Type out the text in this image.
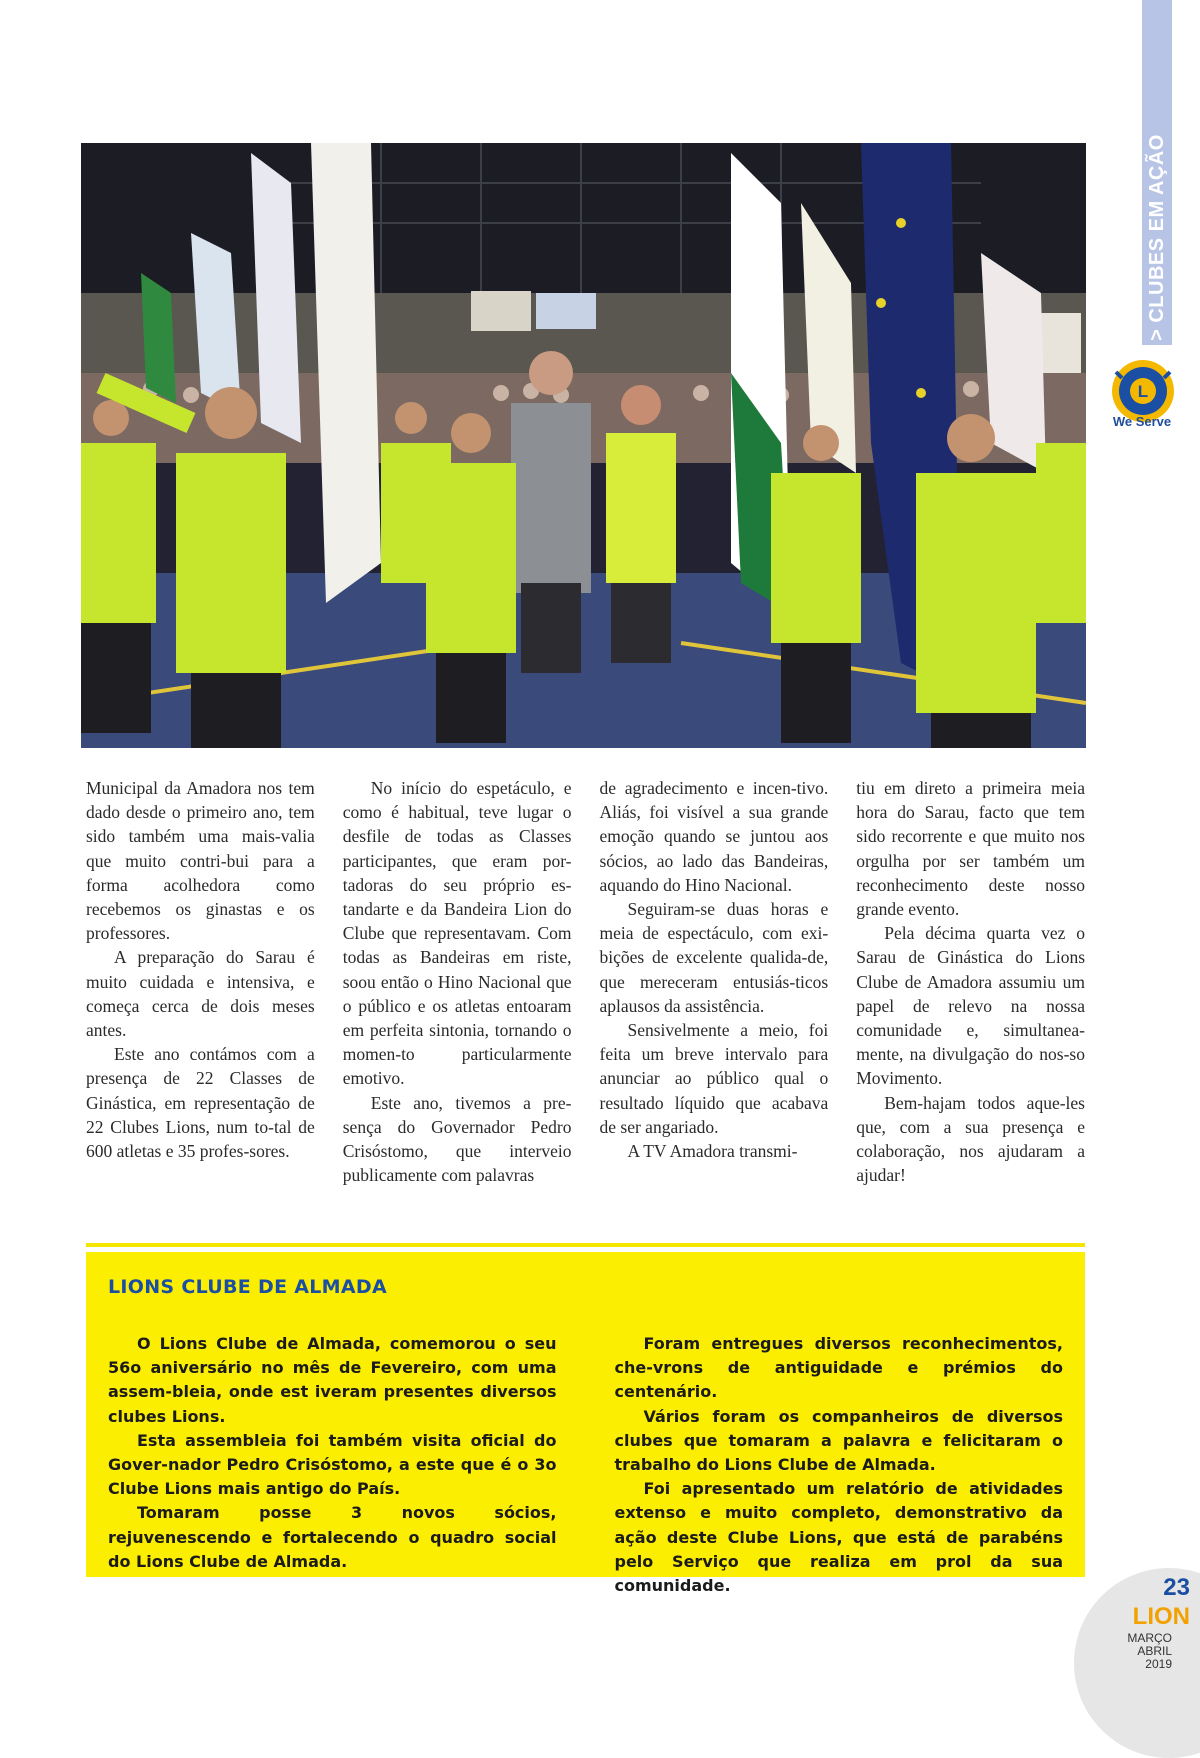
> CLUBES EM AÇÃO
L
We Serve

Municipal da Amadora nos tem dado desde o primeiro ano, tem sido também uma mais-valia que muito contri-bui para a forma acolhedora como recebemos os ginastas e os professores.

A preparação do Sarau é muito cuidada e intensiva, e começa cerca de dois meses antes.

Este ano contámos com a presença de 22 Classes de Ginástica, em representação de 22 Clubes Lions, num to-tal de 600 atletas e 35 profes-sores.

No início do espetáculo, e como é habitual, teve lugar o desfile de todas as Classes participantes, que eram por-tadoras do seu próprio es-tandarte e da Bandeira Lion do Clube que representavam. Com todas as Bandeiras em riste, soou então o Hino Nacional que o público e os atletas entoaram em perfeita sintonia, tornando o momen-to particularmente emotivo.

Este ano, tivemos a pre-sença do Governador Pedro Crisóstomo, que interveio publicamente com palavras

de agradecimento e incen-tivo. Aliás, foi visível a sua grande emoção quando se juntou aos sócios, ao lado das Bandeiras, aquando do Hino Nacional.

Seguiram-se duas horas e meia de espectáculo, com exi-bições de excelente qualida-de, que mereceram entusiás-ticos aplausos da assistência.

Sensivelmente a meio, foi feita um breve intervalo para anunciar ao público qual o resultado líquido que acabava de ser angariado.

A TV Amadora transmi-

tiu em direto a primeira meia hora do Sarau, facto que tem sido recorrente e que muito nos orgulha por ser também um reconhecimento deste nosso grande evento.

Pela décima quarta vez o Sarau de Ginástica do Lions Clube de Amadora assumiu um papel de relevo na nossa comunidade e, simultanea-mente, na divulgação do nos-so Movimento.

Bem-hajam todos aque-les que, com a sua presença e colaboração, nos ajudaram a ajudar!

LIONS CLUBE DE ALMADA

O Lions Clube de Almada, comemorou o seu 56o aniversário no mês de Fevereiro, com uma assem-bleia, onde est iveram presentes diversos clubes Lions.

Esta assembleia foi também visita oficial do Gover-nador Pedro Crisóstomo, a este que é o 3o Clube Lions mais antigo do País.

Tomaram posse 3 novos sócios, rejuvenescendo e fortalecendo o quadro social do Lions Clube de Almada.

Foram entregues diversos reconhecimentos, che-vrons de antiguidade e prémios do centenário.

Vários foram os companheiros de diversos clubes que tomaram a palavra e felicitaram o trabalho do Lions Clube de Almada.

Foi apresentado um relatório de atividades extenso e muito completo, demonstrativo da ação deste Clube Lions, que está de parabéns pelo Serviço que realiza em prol da sua comunidade.	23
LION
MARÇO
ABRIL
2019
